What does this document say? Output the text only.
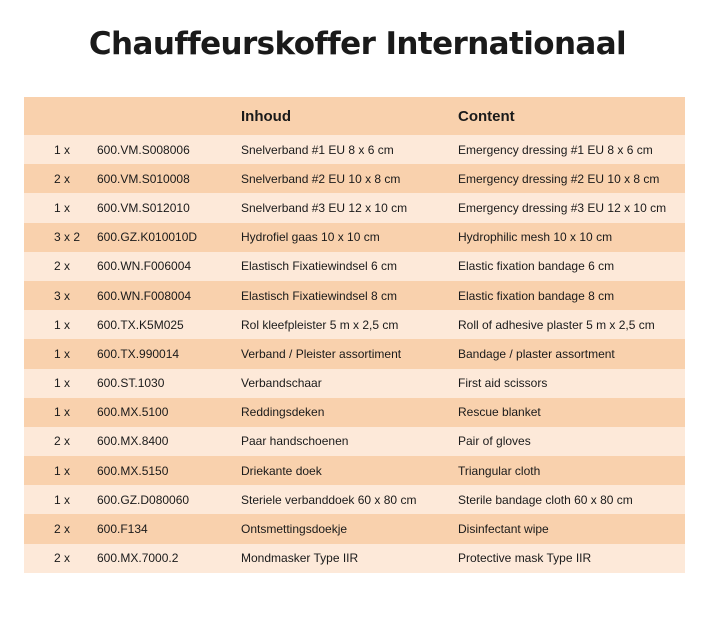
Chauffeurskoffer Internationaal
		Inhoud	Content
1 x	600.VM.S008006	Snelverband #1 EU 8 x 6 cm	Emergency dressing #1 EU 8 x 6 cm
2 x	600.VM.S010008	Snelverband #2 EU 10 x 8 cm	Emergency dressing #2 EU 10 x 8 cm
1 x	600.VM.S012010	Snelverband #3 EU 12 x 10 cm	Emergency dressing #3 EU 12 x 10 cm
3 x 2	600.GZ.K010010D	Hydrofiel gaas 10 x 10 cm	Hydrophilic mesh 10 x 10 cm
2 x	600.WN.F006004	Elastisch Fixatiewindsel 6 cm	Elastic fixation bandage 6 cm
3 x	600.WN.F008004	Elastisch Fixatiewindsel 8 cm	Elastic fixation bandage 8 cm
1 x	600.TX.K5M025	Rol kleefpleister 5 m x 2,5 cm	Roll of adhesive plaster 5 m x 2,5 cm
1 x	600.TX.990014	Verband / Pleister assortiment	Bandage / plaster assortment
1 x	600.ST.1030	Verbandschaar	First aid scissors
1 x	600.MX.5100	Reddingsdeken	Rescue blanket
2 x	600.MX.8400	Paar handschoenen	Pair of gloves
1 x	600.MX.5150	Driekante doek	Triangular cloth
1 x	600.GZ.D080060	Steriele verbanddoek 60 x 80 cm	Sterile bandage cloth 60 x 80 cm
2 x	600.F134	Ontsmettingsdoekje	Disinfectant wipe
2 x	600.MX.7000.2	Mondmasker Type IIR	Protective mask Type IIR
